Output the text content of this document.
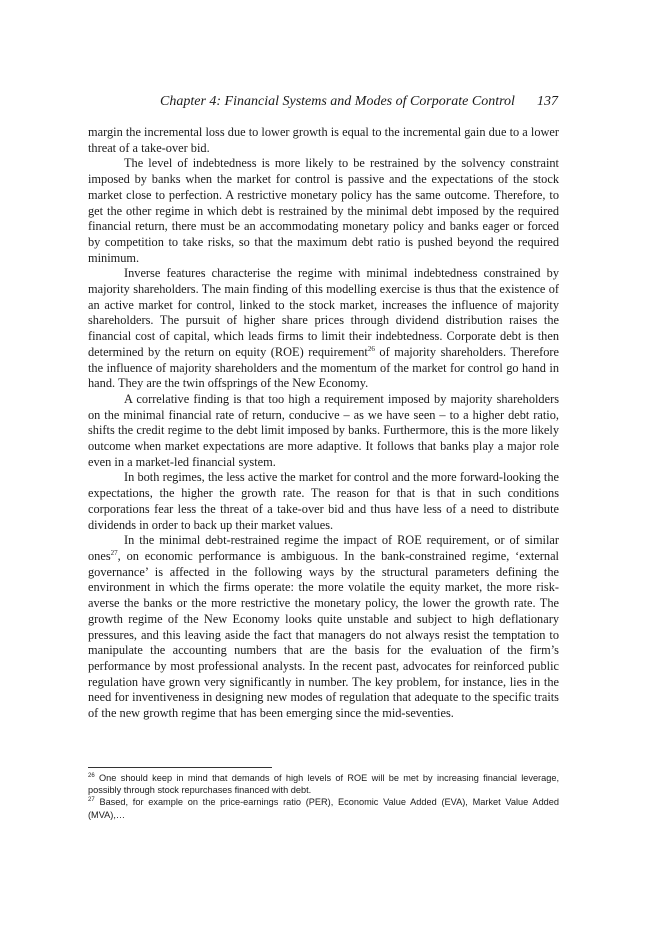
Chapter 4: Financial Systems and Modes of Corporate Control 137

margin the incremental loss due to lower growth is equal to the incremental gain due to a lower threat of a take-over bid.

The level of indebtedness is more likely to be restrained by the solvency constraint imposed by banks when the market for control is passive and the expectations of the stock market close to perfection. A restrictive monetary policy has the same outcome. Therefore, to get the other regime in which debt is restrained by the minimal debt imposed by the required financial return, there must be an accommodating monetary policy and banks eager or forced by competition to take risks, so that the maximum debt ratio is pushed beyond the required minimum.

Inverse features characterise the regime with minimal indebtedness constrained by majority shareholders. The main finding of this modelling exercise is thus that the existence of an active market for control, linked to the stock market, increases the influence of majority shareholders. The pursuit of higher share prices through dividend distribution raises the financial cost of capital, which leads firms to limit their indebtedness. Corporate debt is then determined by the return on equity (ROE) requirement$^{26}$ of majority shareholders. Therefore the influence of majority shareholders and the momentum of the market for control go hand in hand. They are the twin offsprings of the New Economy.

A correlative finding is that too high a requirement imposed by majority shareholders on the minimal financial rate of return, conducive – as we have seen – to a higher debt ratio, shifts the credit regime to the debt limit imposed by banks. Furthermore, this is the more likely outcome when market expectations are more adaptive. It follows that banks play a major role even in a market-led financial system.

In both regimes, the less active the market for control and the more forward-looking the expectations, the higher the growth rate. The reason for that is that in such conditions corporations fear less the threat of a take-over bid and thus have less of a need to distribute dividends in order to back up their market values.

In the minimal debt-restrained regime the impact of ROE requirement, or of similar ones$^{27}$, on economic performance is ambiguous. In the bank-constrained regime, ‘external governance’ is affected in the following ways by the structural parameters defining the environment in which the firms operate: the more volatile the equity market, the more risk-averse the banks or the more restrictive the monetary policy, the lower the growth rate. The growth regime of the New Economy looks quite unstable and subject to high deflationary pressures, and this leaving aside the fact that managers do not always resist the temptation to manipulate the accounting numbers that are the basis for the evaluation of the firm’s performance by most professional analysts. In the recent past, advocates for reinforced public regulation have grown very significantly in number. The key problem, for instance, lies in the need for inventiveness in designing new modes of regulation that adequate to the specific traits of the new growth regime that has been emerging since the mid-seventies.

$^{26}$ One should keep in mind that demands of high levels of ROE will be met by increasing financial leverage, possibly through stock repurchases financed with debt.

$^{27}$ Based, for example on the price-earnings ratio (PER), Economic Value Added (EVA), Market Value Added (MVA),…
